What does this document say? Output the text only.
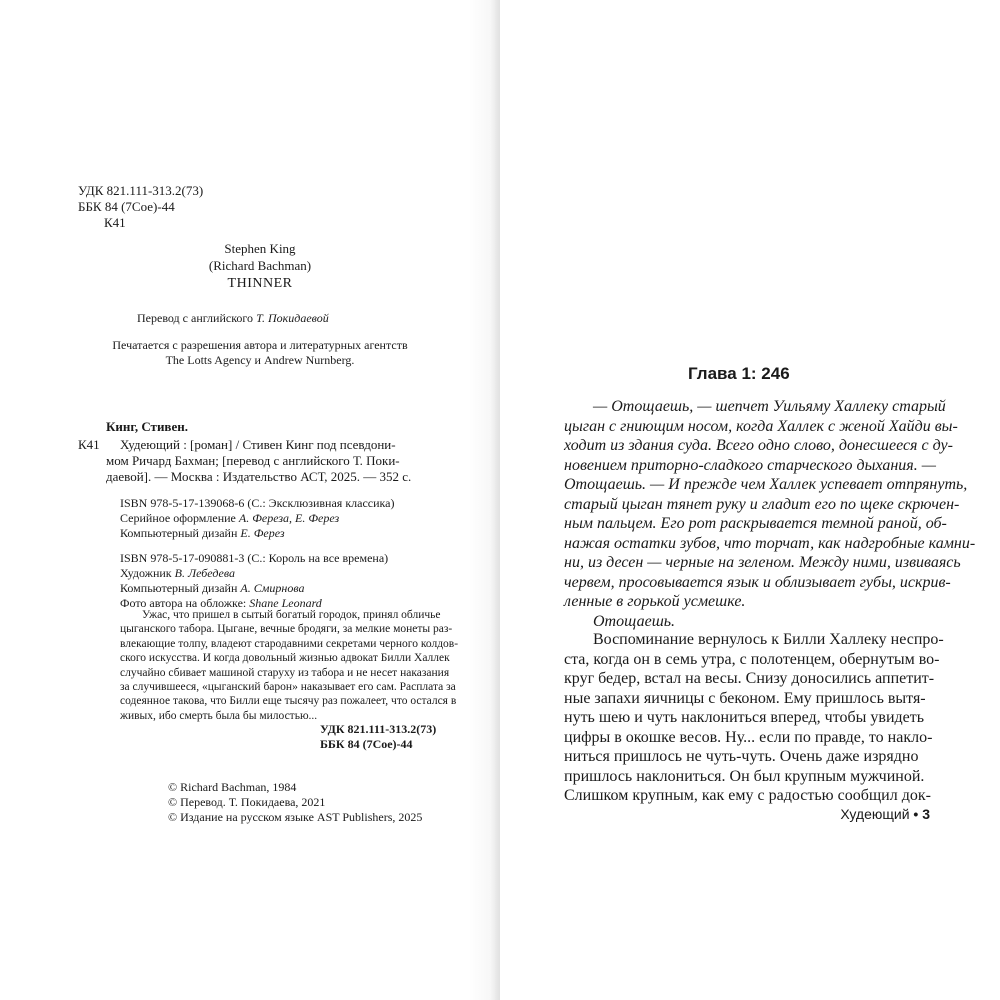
УДК 821.111-313.2(73)
ББК 84 (7Сое)-44
К41
Stephen King
(Richard Bachman)
THINNER
Перевод с английского Т. Покидаевой
Печатается с разрешения автора и литературных агентств
The Lotts Agency и Andrew Nurnberg.
Кинг, Стивен.
К41 Худеющий : [роман] / Стивен Кинг под псевдони-
мом Ричард Бахман; [перевод с английского Т. Поки-
даевой]. — Москва : Издательство АСТ, 2025. — 352 с.
ISBN 978-5-17-139068-6 (С.: Эксклюзивная классика)
Серийное оформление А. Фереза, Е. Ферез
Компьютерный дизайн Е. Ферез
ISBN 978-5-17-090881-3 (С.: Король на все времена)
Художник В. Лебедева
Компьютерный дизайн А. Смирнова
Фото автора на обложке: Shane Leonard
Ужас, что пришел в сытый богатый городок, принял обличье
цыганского табора. Цыгане, вечные бродяги, за мелкие монеты раз-
влекающие толпу, владеют стародавними секретами черного колдов-
ского искусства. И когда довольный жизнью адвокат Билли Халлек
случайно сбивает машиной старуху из табора и не несет наказания
за случившееся, «цыганский барон» наказывает его сам. Расплата за
содеянное такова, что Билли еще тысячу раз пожалеет, что остался в
живых, ибо смерть была бы милостью...
УДК 821.111-313.2(73)
ББК 84 (7Сое)-44
© Richard Bachman, 1984
© Перевод. Т. Покидаева, 2021
© Издание на русском языке AST Publishers, 2025
Глава 1: 246
— Отощаешь, — шепчет Уильяму Халлеку старый
цыган с гниющим носом, когда Халлек с женой Хайди вы-
ходит из здания суда. Всего одно слово, донесшееся с ду-
новением приторно-сладкого старческого дыхания. —
Отощаешь. — И прежде чем Халлек успевает отпрянуть,
старый цыган тянет руку и гладит его по щеке скрючен-
ным пальцем. Его рот раскрывается темной раной, об-
нажая остатки зубов, что торчат, как надгробные камни-
ни, из десен — черные на зеленом. Между ними, извиваясь
червем, просовывается язык и облизывает губы, искрив-
ленные в горькой усмешке.
Отощаешь.
Воспоминание вернулось к Билли Халлеку неспро-
ста, когда он в семь утра, с полотенцем, обернутым во-
круг бедер, встал на весы. Снизу доносились аппетит-
ные запахи яичницы с беконом. Ему пришлось вытя-
нуть шею и чуть наклониться вперед, чтобы увидеть
цифры в окошке весов. Ну... если по правде, то накло-
ниться пришлось не чуть-чуть. Очень даже изрядно
пришлось наклониться. Он был крупным мужчиной.
Слишком крупным, как ему с радостью сообщил док-
Худеющий • 3
